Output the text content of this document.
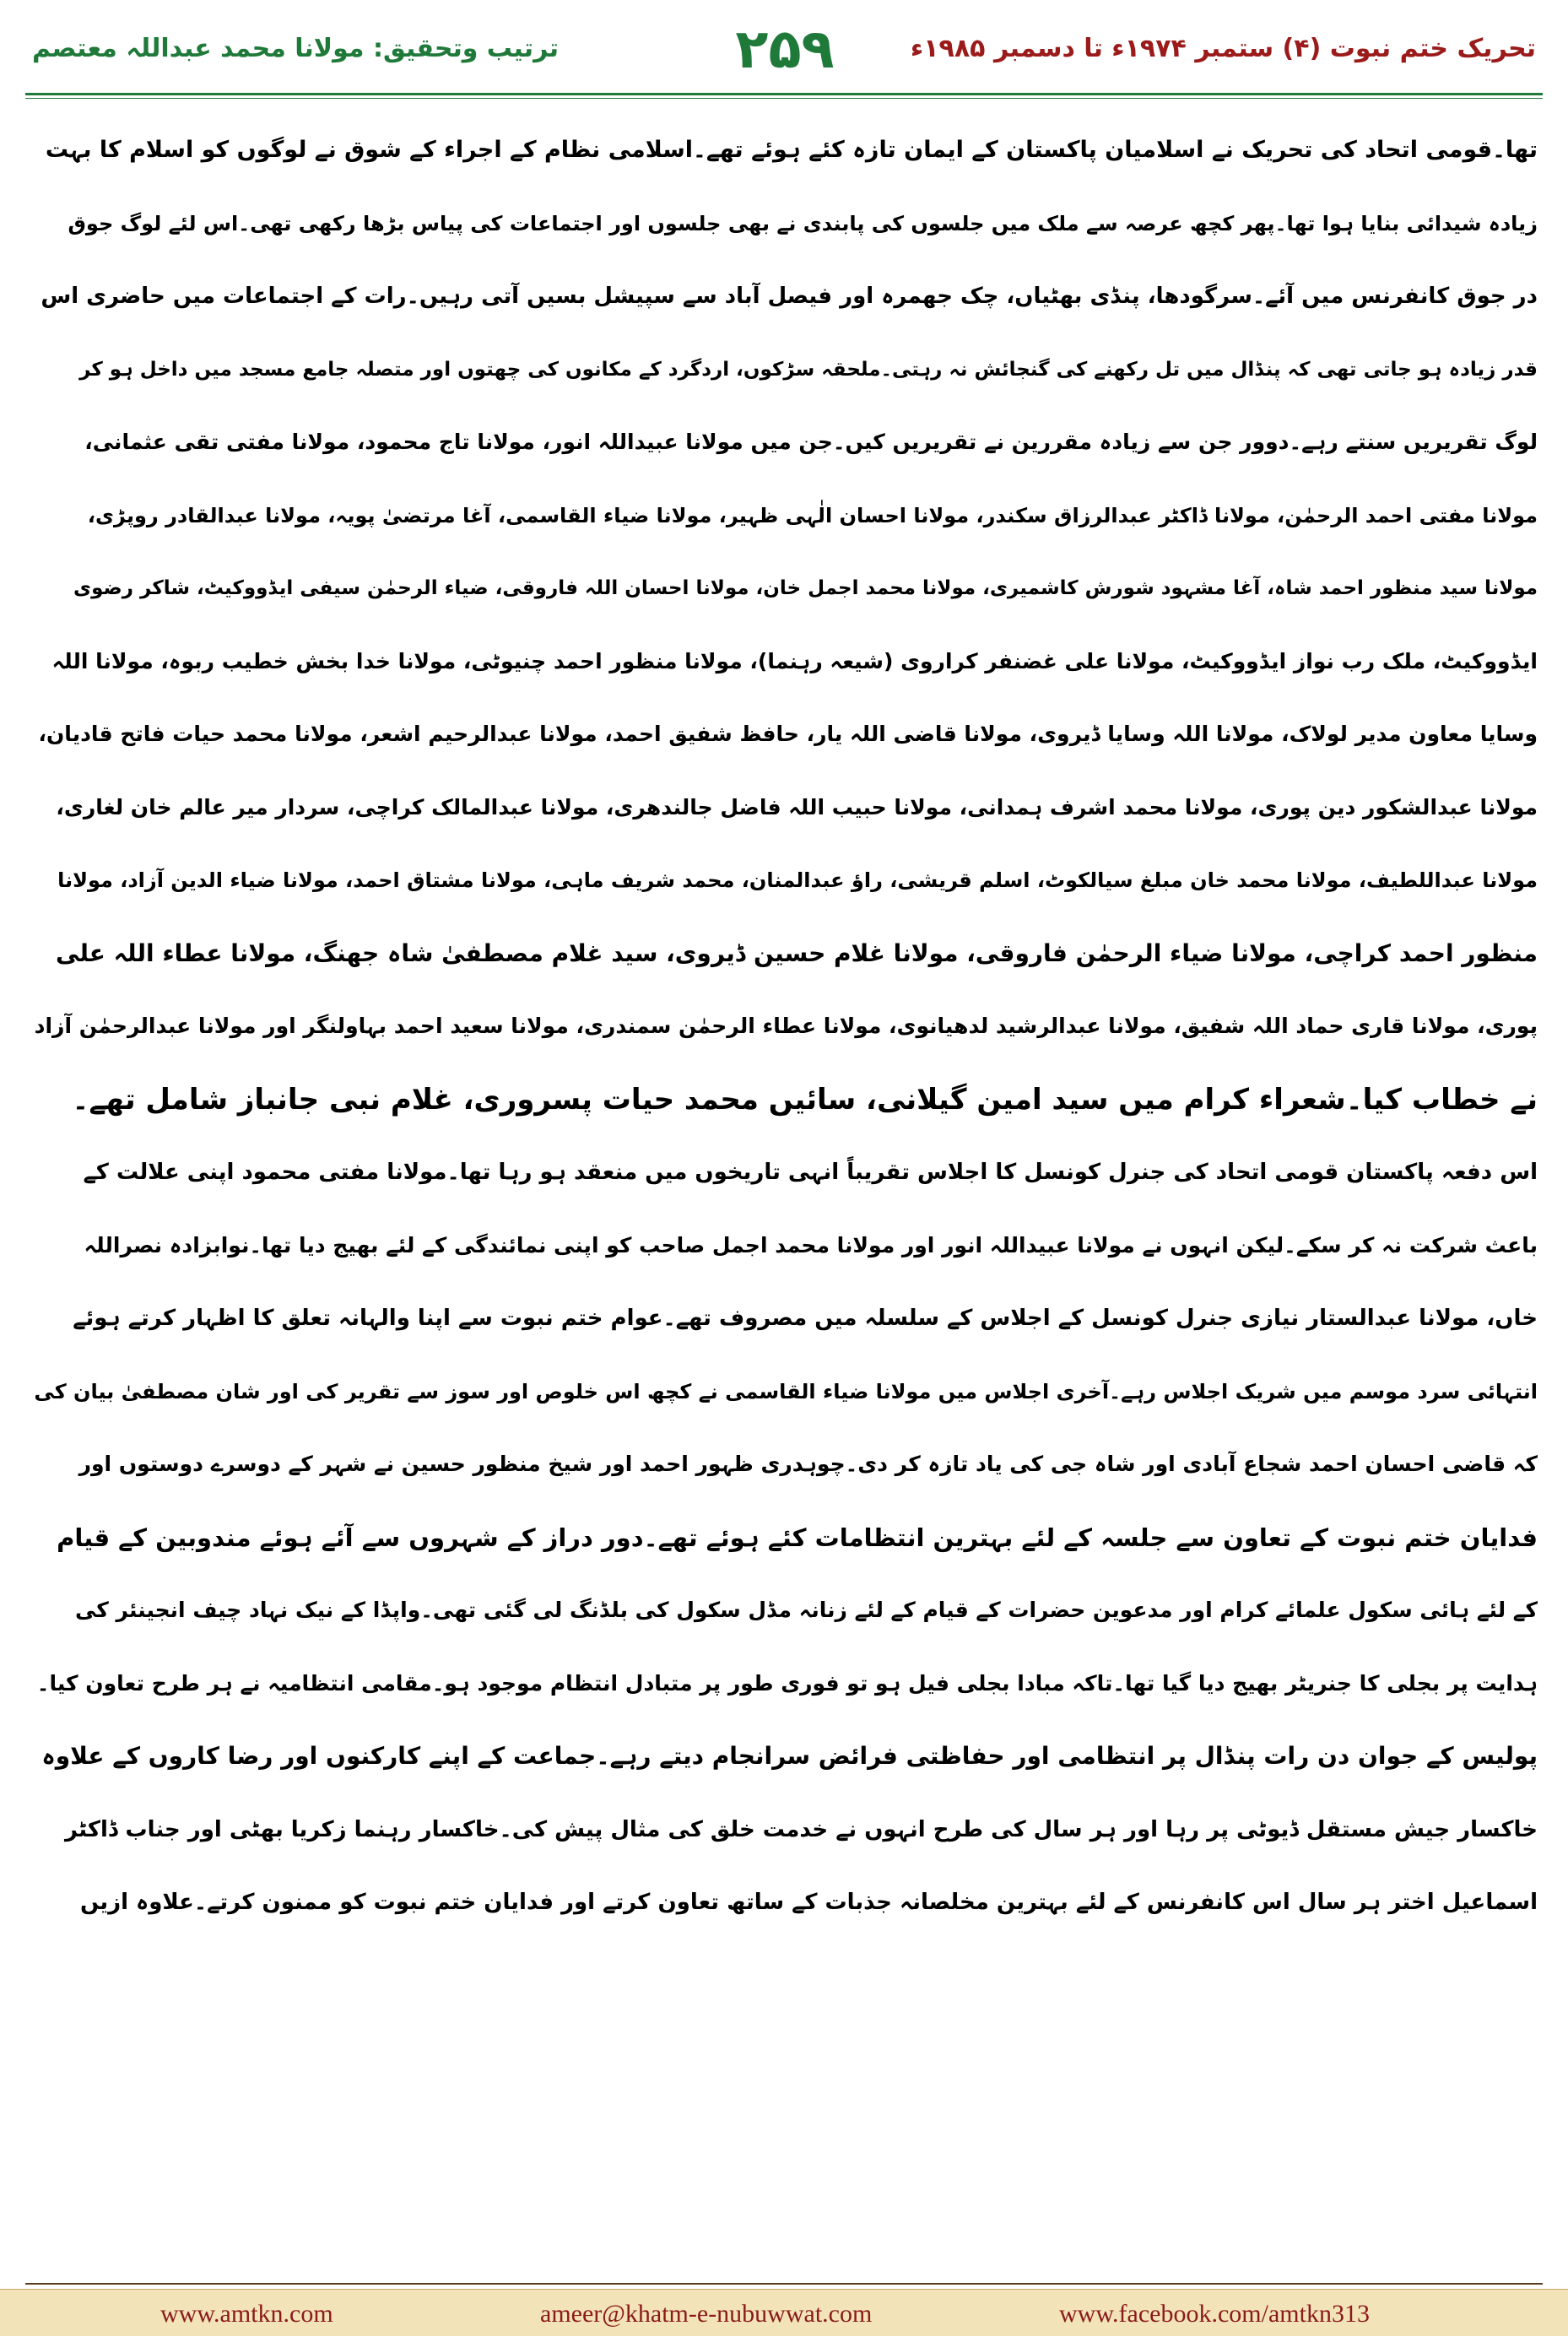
ترتیب وتحقیق: مولانا محمد عبداللہ معتصم	۲۵۹	تحریک ختم نبوت (۴) ستمبر ۱۹۷۴ء تا دسمبر ۱۹۸۵ء
تھا۔قومی اتحاد کی تحریک نے اسلامیان پاکستان کے ایمان تازہ کئے ہوئے تھے۔اسلامی نظام کے اجراء کے شوق نے لوگوں کو اسلام کا بہت
زیادہ شیدائی بنایا ہوا تھا۔پھر کچھ عرصہ سے ملک میں جلسوں کی پابندی نے بھی جلسوں اور اجتماعات کی پیاس بڑھا رکھی تھی۔اس لئے لوگ جوق
در جوق کانفرنس میں آئے۔سرگودھا، پنڈی بھٹیاں، چک جھمرہ اور فیصل آباد سے سپیشل بسیں آتی رہیں۔رات کے اجتماعات میں حاضری اس
قدر زیادہ ہو جاتی تھی کہ پنڈال میں تل رکھنے کی گنجائش نہ رہتی۔ملحقہ سڑکوں، اردگرد کے مکانوں کی چھتوں اور متصلہ جامع مسجد میں داخل ہو کر
لوگ تقریریں سنتے رہے۔دوور جن سے زیادہ مقررین نے تقریریں کیں۔جن میں مولانا عبیداللہ انور، مولانا تاج محمود، مولانا مفتی تقی عثمانی،
مولانا مفتی احمد الرحمٰن، مولانا ڈاکٹر عبدالرزاق سکندر، مولانا احسان الٰہی ظہیر، مولانا ضیاء القاسمی، آغا مرتضیٰ پویہ، مولانا عبدالقادر روپڑی،
مولانا سید منظور احمد شاہ، آغا مشہود شورش کاشمیری، مولانا محمد اجمل خان، مولانا احسان اللہ فاروقی، ضیاء الرحمٰن سیفی ایڈووکیٹ، شاکر رضوی
ایڈووکیٹ، ملک رب نواز ایڈووکیٹ، مولانا علی غضنفر کراروی (شیعہ رہنما)، مولانا منظور احمد چنیوٹی، مولانا خدا بخش خطیب ربوہ، مولانا اللہ
وسایا معاون مدیر لولاک، مولانا اللہ وسایا ڈیروی، مولانا قاضی اللہ یار، حافظ شفیق احمد، مولانا عبدالرحیم اشعر، مولانا محمد حیات فاتح قادیان،
مولانا عبدالشکور دین پوری، مولانا محمد اشرف ہمدانی، مولانا حبیب اللہ فاضل جالندھری، مولانا عبدالمالک کراچی، سردار میر عالم خان لغاری،
مولانا عبداللطیف، مولانا محمد خان مبلغ سیالکوٹ، اسلم قریشی، راؤ عبدالمنان، محمد شریف ماہی، مولانا مشتاق احمد، مولانا ضیاء الدین آزاد، مولانا
منظور احمد کراچی، مولانا ضیاء الرحمٰن فاروقی، مولانا غلام حسین ڈیروی، سید غلام مصطفیٰ شاہ جھنگ، مولانا عطاء اللہ علی
پوری، مولانا قاری حماد اللہ شفیق، مولانا عبدالرشید لدھیانوی، مولانا عطاء الرحمٰن سمندری، مولانا سعید احمد بہاولنگر اور مولانا عبدالرحمٰن آزاد
نے خطاب کیا۔شعراء کرام میں سید امین گیلانی، سائیں محمد حیات پسروری، غلام نبی جانباز شامل تھے۔
اس دفعہ پاکستان قومی اتحاد کی جنرل کونسل کا اجلاس تقریباً انہی تاریخوں میں منعقد ہو رہا تھا۔مولانا مفتی محمود اپنی علالت کے
باعث شرکت نہ کر سکے۔لیکن انہوں نے مولانا عبیداللہ انور اور مولانا محمد اجمل صاحب کو اپنی نمائندگی کے لئے بھیج دیا تھا۔نوابزادہ نصراللہ
خاں، مولانا عبدالستار نیازی جنرل کونسل کے اجلاس کے سلسلہ میں مصروف تھے۔عوام ختم نبوت سے اپنا والہانہ تعلق کا اظہار کرتے ہوئے
انتہائی سرد موسم میں شریک اجلاس رہے۔آخری اجلاس میں مولانا ضیاء القاسمی نے کچھ اس خلوص اور سوز سے تقریر کی اور شان مصطفیٰ بیان کی
کہ قاضی احسان احمد شجاع آبادی اور شاہ جی کی یاد تازہ کر دی۔چوہدری ظہور احمد اور شیخ منظور حسین نے شہر کے دوسرے دوستوں اور
فدایان ختم نبوت کے تعاون سے جلسہ کے لئے بہترین انتظامات کئے ہوئے تھے۔دور دراز کے شہروں سے آئے ہوئے مندوبین کے قیام
کے لئے ہائی سکول علمائے کرام اور مدعوین حضرات کے قیام کے لئے زنانہ مڈل سکول کی بلڈنگ لی گئی تھی۔واپڈا کے نیک نہاد چیف انجینئر کی
ہدایت پر بجلی کا جنریٹر بھیج دیا گیا تھا۔تاکہ مبادا بجلی فیل ہو تو فوری طور پر متبادل انتظام موجود ہو۔مقامی انتظامیہ نے ہر طرح تعاون کیا۔
پولیس کے جوان دن رات پنڈال پر انتظامی اور حفاظتی فرائض سرانجام دیتے رہے۔جماعت کے اپنے کارکنوں اور رضا کاروں کے علاوہ
خاکسار جیش مستقل ڈیوٹی پر رہا اور ہر سال کی طرح انہوں نے خدمت خلق کی مثال پیش کی۔خاکسار رہنما زکریا بھٹی اور جناب ڈاکٹر
اسماعیل اختر ہر سال اس کانفرنس کے لئے بہترین مخلصانہ جذبات کے ساتھ تعاون کرتے اور فدایان ختم نبوت کو ممنون کرتے۔علاوہ ازیں
www.amtkn.com	ameer@khatm-e-nubuwwat.com	www.facebook.com/amtkn313
